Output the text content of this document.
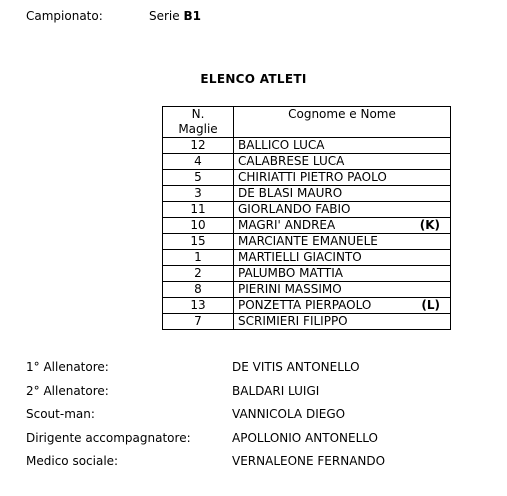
Campionato:	Serie B1
ELENCO ATLETI
N.
Maglie	Cognome e Nome
12	BALLICO LUCA
4	CALABRESE LUCA
5	CHIRIATTI PIETRO PAOLO
3	DE BLASI MAURO
11	GIORLANDO FABIO
10	MAGRI' ANDREA (K)

15	MARCIANTE EMANUELE
1	MARTIELLI GIACINTO
2	PALUMBO MATTIA
8	PIERINI MASSIMO
13	PONZETTA PIERPAOLO (L)

7	SCRIMIERI FILIPPO
1° Allenatore:	DE VITIS ANTONELLO
2° Allenatore:	BALDARI LUIGI
Scout-man:	VANNICOLA DIEGO
Dirigente accompagnatore:	APOLLONIO ANTONELLO
Medico sociale:	VERNALEONE FERNANDO
